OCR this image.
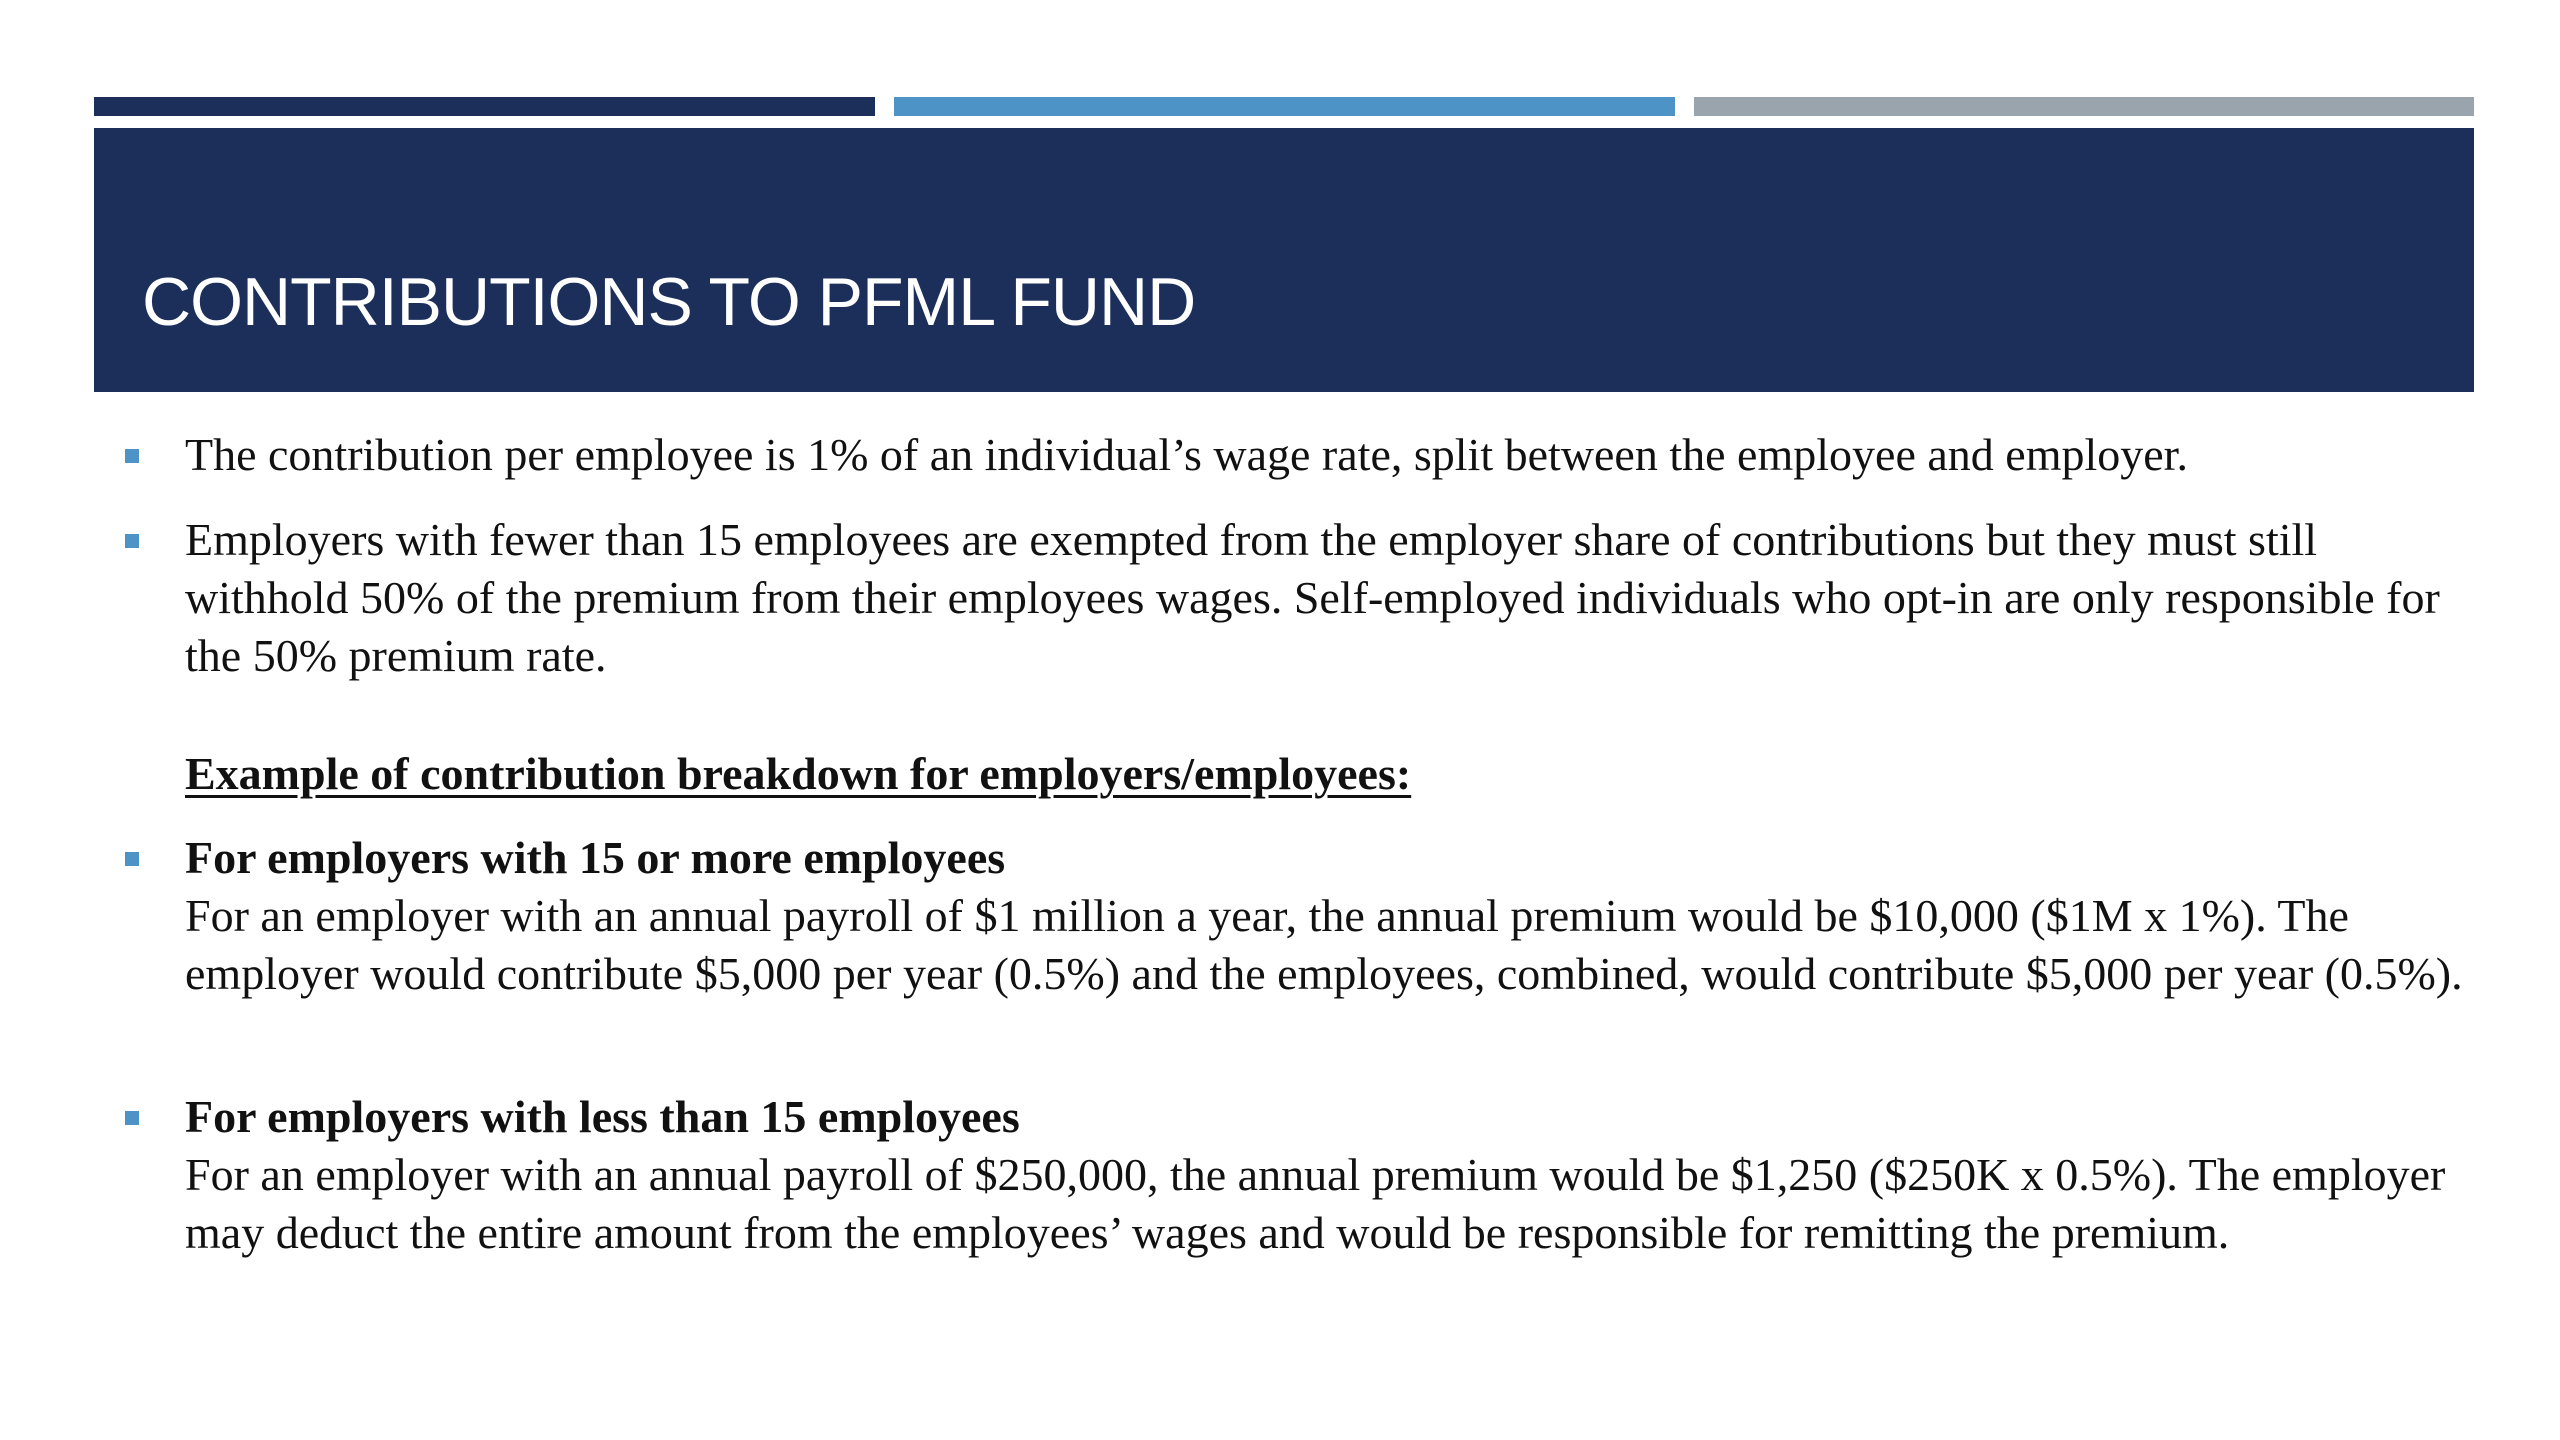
CONTRIBUTIONS TO PFML FUND

The contribution per employee is 1% of an individual’s wage rate, split between the employee and employer.

Employers with fewer than 15 employees are exempted from the employer share of contributions but they must still withhold 50% of the premium from their employees wages. Self-employed individuals who opt-in are only responsible for the 50% premium rate.

Example of contribution breakdown for employers/employees:

For employers with 15 or more employees
For an employer with an annual payroll of $1 million a year, the annual premium would be $10,000 ($1M x 1%). The employer would contribute $5,000 per year (0.5%) and the employees, combined, would contribute $5,000 per year (0.5%).

For employers with less than 15 employees
For an employer with an annual payroll of $250,000, the annual premium would be $1,250 ($250K x 0.5%). The employer may deduct the entire amount from the employees’ wages and would be responsible for remitting the premium.
